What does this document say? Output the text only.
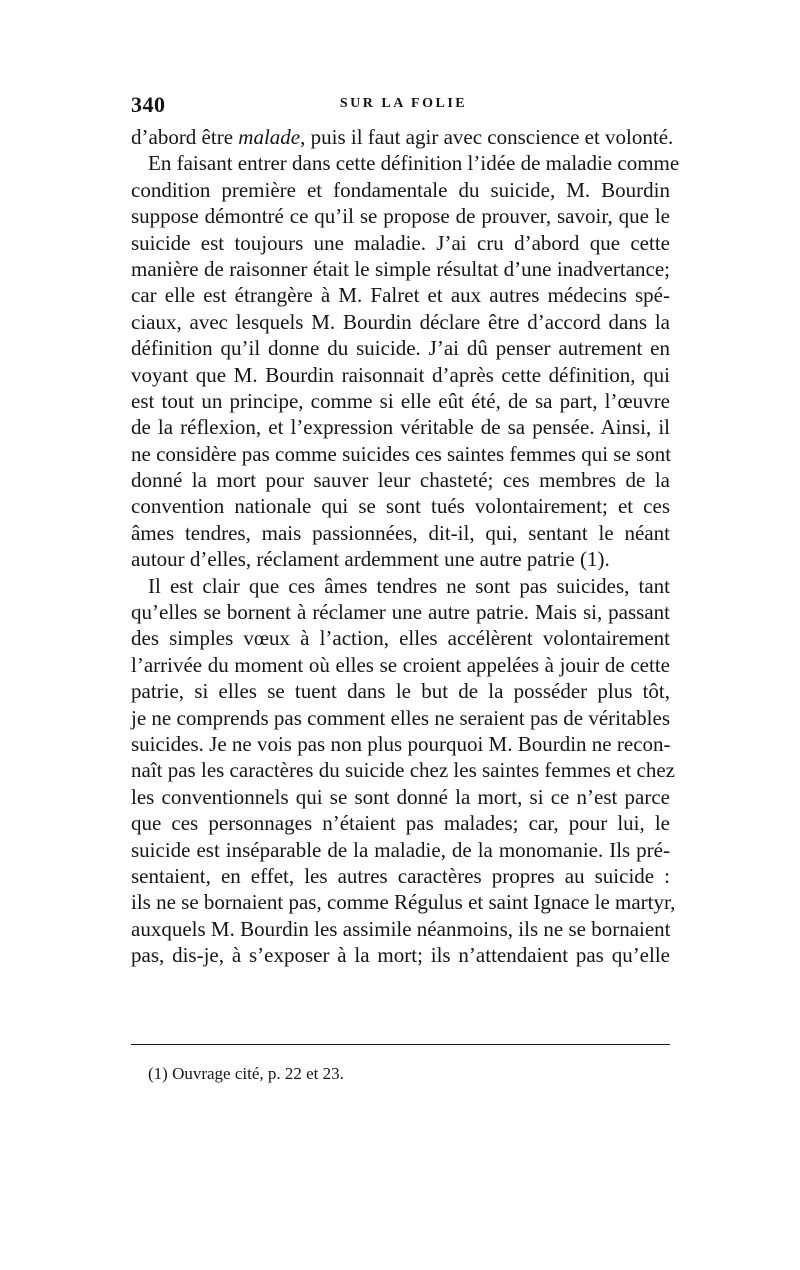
340	SUR LA FOLIE
d’abord être malade, puis il faut agir avec conscience et volonté.
En faisant entrer dans cette définition l’idée de maladie comme
condition première et fondamentale du suicide, M. Bourdin
suppose démontré ce qu’il se propose de prouver, savoir, que le
suicide est toujours une maladie. J’ai cru d’abord que cette
manière de raisonner était le simple résultat d’une inadvertance;
car elle est étrangère à M. Falret et aux autres médecins spé-
ciaux, avec lesquels M. Bourdin déclare être d’accord dans la
définition qu’il donne du suicide. J’ai dû penser autrement en
voyant que M. Bourdin raisonnait d’après cette définition, qui
est tout un principe, comme si elle eût été, de sa part, l’œuvre
de la réflexion, et l’expression véritable de sa pensée. Ainsi, il
ne considère pas comme suicides ces saintes femmes qui se sont
donné la mort pour sauver leur chasteté; ces membres de la
convention nationale qui se sont tués volontairement; et ces
âmes tendres, mais passionnées, dit-il, qui, sentant le néant
autour d’elles, réclament ardemment une autre patrie (1).
Il est clair que ces âmes tendres ne sont pas suicides, tant
qu’elles se bornent à réclamer une autre patrie. Mais si, passant
des simples vœux à l’action, elles accélèrent volontairement
l’arrivée du moment où elles se croient appelées à jouir de cette
patrie, si elles se tuent dans le but de la posséder plus tôt,
je ne comprends pas comment elles ne seraient pas de véritables
suicides. Je ne vois pas non plus pourquoi M. Bourdin ne recon-
naît pas les caractères du suicide chez les saintes femmes et chez
les conventionnels qui se sont donné la mort, si ce n’est parce
que ces personnages n’étaient pas malades; car, pour lui, le
suicide est inséparable de la maladie, de la monomanie. Ils pré-
sentaient, en effet, les autres caractères propres au suicide :
ils ne se bornaient pas, comme Régulus et saint Ignace le martyr,
auxquels M. Bourdin les assimile néanmoins, ils ne se bornaient
pas, dis-je, à s’exposer à la mort; ils n’attendaient pas qu’elle
(1) Ouvrage cité, p. 22 et 23.
